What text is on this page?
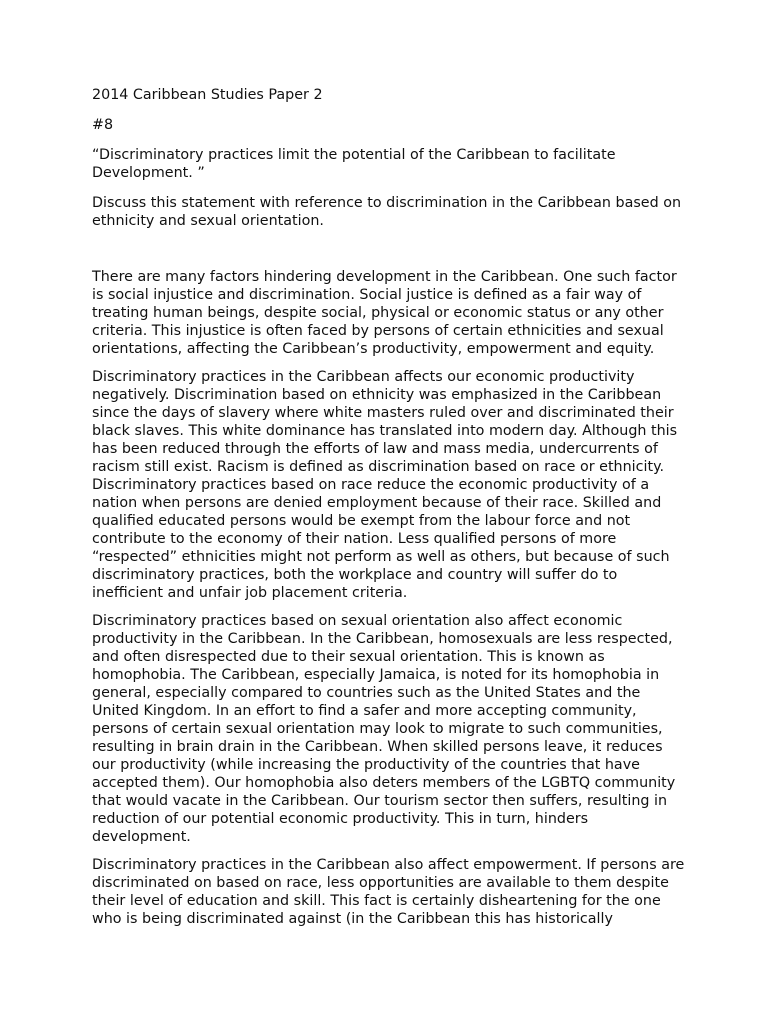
2014 Caribbean Studies Paper 2

#8

“Discriminatory practices limit the potential of the Caribbean to facilitate Development. ”

Discuss this statement with reference to discrimination in the Caribbean based on ethnicity and sexual orientation.

There are many factors hindering development in the Caribbean. One such factor is social injustice and discrimination. Social justice is defined as a fair way of treating human beings, despite social, physical or economic status or any other criteria. This injustice is often faced by persons of certain ethnicities and sexual orientations, affecting the Caribbean’s productivity, empowerment and equity.

Discriminatory practices in the Caribbean affects our economic productivity negatively. Discrimination based on ethnicity was emphasized in the Caribbean since the days of slavery where white masters ruled over and discriminated their black slaves. This white dominance has translated into modern day. Although this has been reduced through the efforts of law and mass media, undercurrents of racism still exist. Racism is defined as discrimination based on race or ethnicity. Discriminatory practices based on race reduce the economic productivity of a nation when persons are denied employment because of their race. Skilled and qualified educated persons would be exempt from the labour force and not contribute to the economy of their nation. Less qualified persons of more “respected” ethnicities might not perform as well as others, but because of such discriminatory practices, both the workplace and country will suffer do to inefficient and unfair job placement criteria.

Discriminatory practices based on sexual orientation also affect economic productivity in the Caribbean. In the Caribbean, homosexuals are less respected, and often disrespected due to their sexual orientation. This is known as homophobia. The Caribbean, especially Jamaica, is noted for its homophobia in general, especially compared to countries such as the United States and the United Kingdom. In an effort to find a safer and more accepting community, persons of certain sexual orientation may look to migrate to such communities, resulting in brain drain in the Caribbean. When skilled persons leave, it reduces our productivity (while increasing the productivity of the countries that have accepted them). Our homophobia also deters members of the LGBTQ community that would vacate in the Caribbean. Our tourism sector then suffers, resulting in reduction of our potential economic productivity. This in turn, hinders development.

Discriminatory practices in the Caribbean also affect empowerment. If persons are discriminated on based on race, less opportunities are available to them despite their level of education and skill. This fact is certainly disheartening for the one who is being discriminated against (in the Caribbean this has historically
